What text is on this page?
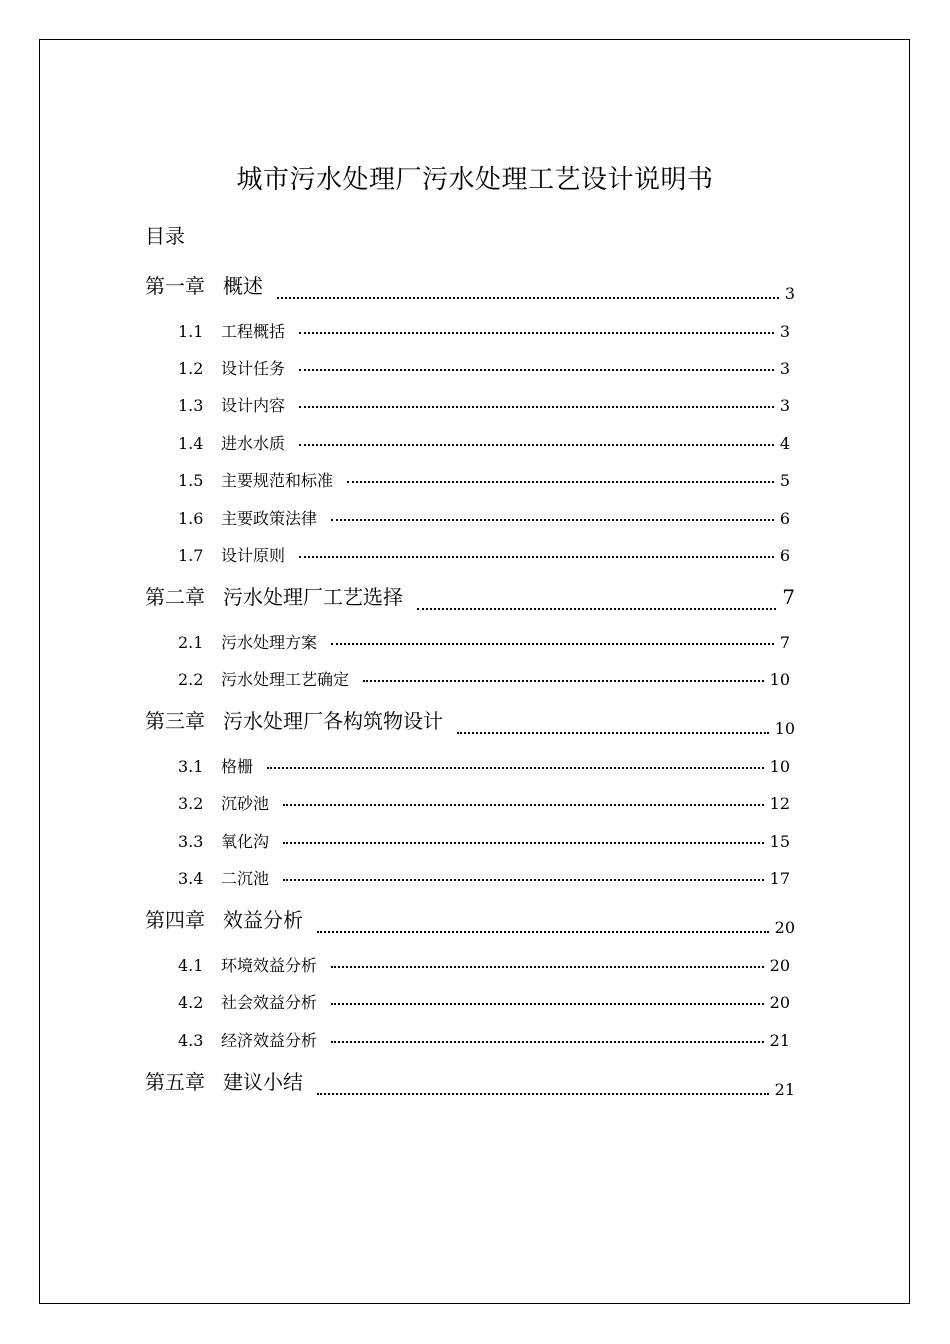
城市污水处理厂污水处理工艺设计说明书
目录
第一章 概述	3
1.1	工程概括	3
1.2	设计任务	3
1.3	设计内容	3
1.4	进水水质	4
1.5	主要规范和标准	5
1.6	主要政策法律	6
1.7	设计原则	6
第二章 污水处理厂工艺选择	7
2.1	污水处理方案	7
2.2	污水处理工艺确定	10
第三章 污水处理厂各构筑物设计	10
3.1	格栅	10
3.2	沉砂池	12
3.3	氧化沟	15
3.4	二沉池	17
第四章 效益分析	20
4.1	环境效益分析	20
4.2	社会效益分析	20
4.3	经济效益分析	21
第五章 建议小结	21
